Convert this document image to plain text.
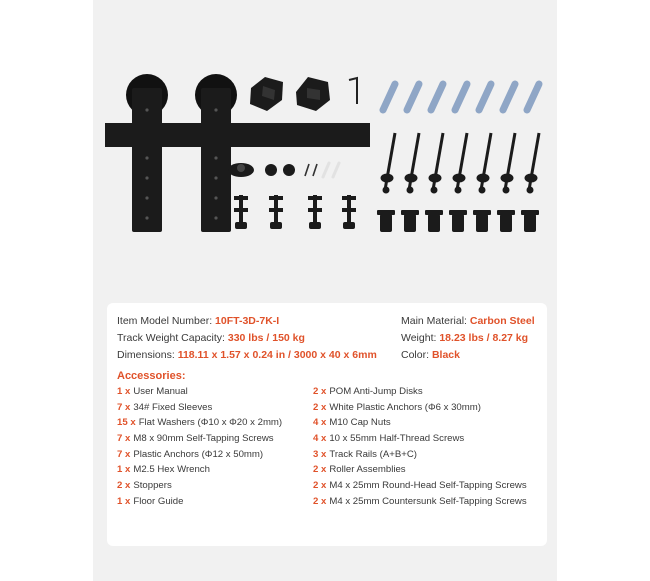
Item Model Number: 10FT-3D-7K-I	Main Material: Carbon Steel
Track Weight Capacity: 330 lbs / 150 kg	Weight: 18.23 lbs / 8.27 kg
Dimensions: 118.11 x 1.57 x 0.24 in / 3000 x 40 x 6mm	Color: Black
Accessories:
1 x User Manual	2 x POM Anti-Jump Disks
7 x 34# Fixed Sleeves	2 x White Plastic Anchors (Φ6 x 30mm)
15 x Flat Washers (Φ10 x Φ20 x 2mm)	4 x M10 Cap Nuts
7 x M8 x 90mm Self-Tapping Screws	4 x 10 x 55mm Half-Thread Screws
7 x Plastic Anchors (Φ12 x 50mm)	3 x Track Rails (A+B+C)
1 x M2.5 Hex Wrench	2 x Roller Assemblies
2 x Stoppers	2 x M4 x 25mm Round-Head Self-Tapping Screws
1 x Floor Guide	2 x M4 x 25mm Countersunk Self-Tapping Screws
